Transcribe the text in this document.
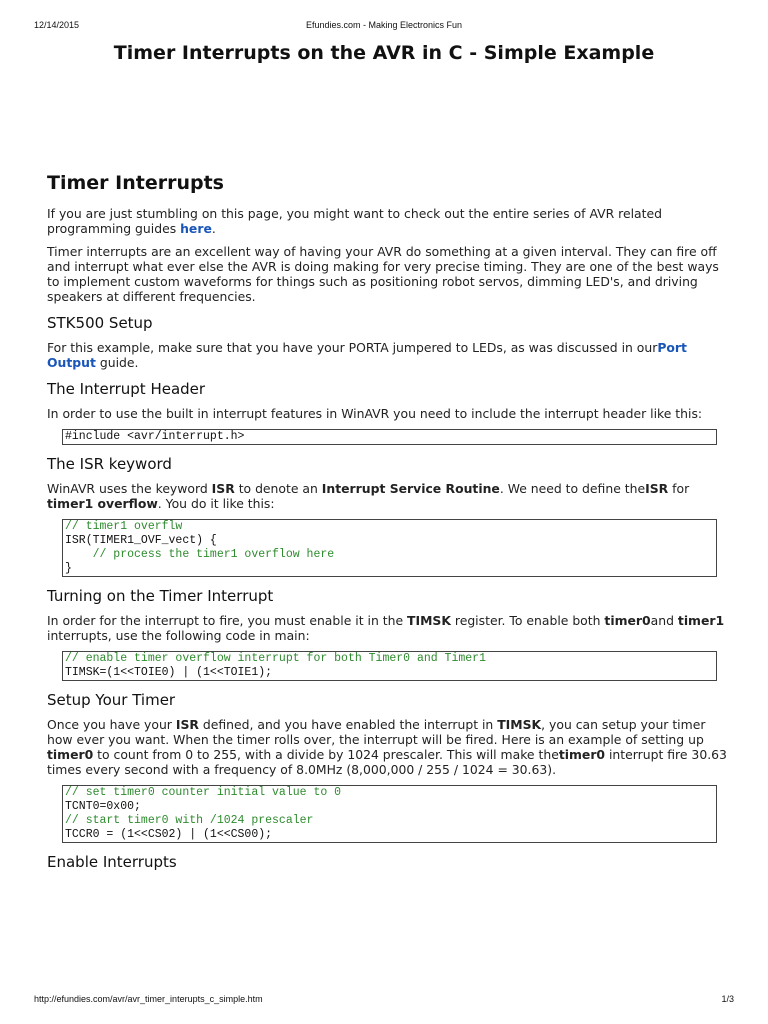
12/14/2015	Efundies.com - Making Electronics Fun
Timer Interrupts on the AVR in C - Simple Example
Timer Interrupts

If you are just stumbling on this page, you might want to check out the entire series of AVR related programming guides here.

Timer interrupts are an excellent way of having your AVR do something at a given interval. They can fire off and interrupt what ever else the AVR is doing making for very precise timing. They are one of the best ways to implement custom waveforms for things such as positioning robot servos, dimming LED's, and driving speakers at different frequencies.

STK500 Setup

For this example, make sure that you have your PORTA jumpered to LEDs, as was discussed in ourPort Output guide.

The Interrupt Header

In order to use the built in interrupt features in WinAVR you need to include the interrupt header like this:

#include <avr/interrupt.h>
The ISR keyword

WinAVR uses the keyword ISR to denote an Interrupt Service Routine. We need to define theISR for timer1 overflow. You do it like this:

// timer1 overflw
ISR(TIMER1_OVF_vect) {
// process the timer1 overflow here
}
Turning on the Timer Interrupt

In order for the interrupt to fire, you must enable it in the TIMSK register. To enable both timer0and timer1 interrupts, use the following code in main:

// enable timer overflow interrupt for both Timer0 and Timer1
TIMSK=(1<<TOIE0) | (1<<TOIE1);
Setup Your Timer

Once you have your ISR defined, and you have enabled the interrupt in TIMSK, you can setup your timer how ever you want. When the timer rolls over, the interrupt will be fired. Here is an example of setting up timer0 to count from 0 to 255, with a divide by 1024 prescaler. This will make thetimer0 interrupt fire 30.63 times every second with a frequency of 8.0MHz (8,000,000 / 255 / 1024 = 30.63).

// set timer0 counter initial value to 0
TCNT0=0x00;
// start timer0 with /1024 prescaler
TCCR0 = (1<<CS02) | (1<<CS00);
Enable Interrupts
http://efundies.com/avr/avr_timer_interupts_c_simple.htm	1/3
